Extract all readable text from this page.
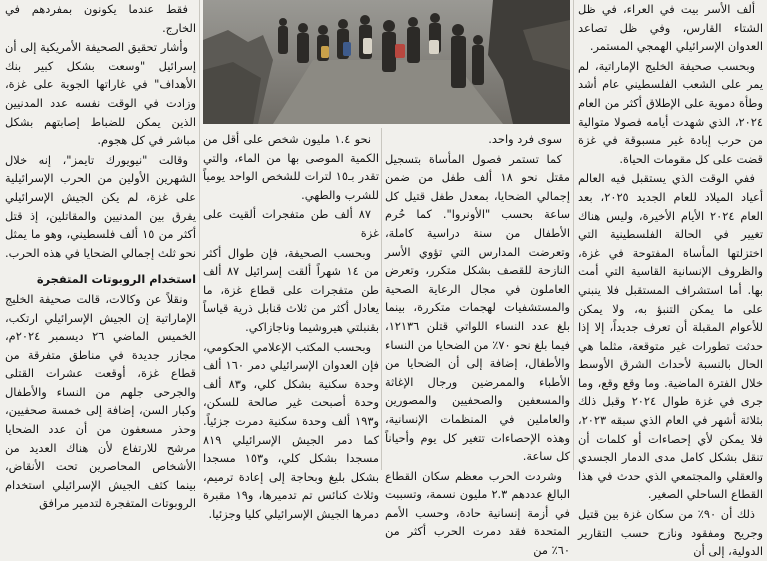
ألف الأسر بيت في العراء، في ظل الشتاء القارس، وفي ظل تصاعد العدوان الإسرائيلي الهمجي المستمر.

وبحسب صحيفة الخليج الإماراتية، لم يمر على الشعب الفلسطيني عام أشد وطأة دموية على الإطلاق أكثر من العام ٢٠٢٤، الذي شهدت أيامه فصولا متوالية من حرب إبادة غير مسبوقة في غزة قضت على كل مقومات الحياة.

ففي الوقت الذي يستقبل فيه العالم أعياد الميلاد للعام الجديد ٢٠٢٥، بعد العام ٢٠٢٤ الأيام الأخيرة، وليس هناك تغيير في الحالة الفلسطينية التي اختزلتها المأساة المفتوحة في غزة، والظروف الإنسانية القاسية التي أمت بها. أما استشراف المستقبل فلا ينبني على ما يمكن التنبؤ به، ولا يمكن للأعوام المقبلة أن تعرف جديداً، إلا إذا حدثت تطورات غير متوقعة، مثلما هي الحال بالنسبة لأحداث الشرق الأوسط خلال الفترة الماضية. وما وقع وقع، وما جرى في غزة طوال ٢٠٢٤ وقبل ذلك بثلاثة أشهر في العام الذي سبقه ٢٠٢٣، فلا يمكن لأي إحصاءات أو كلمات أن تنقل بشكل كامل مدى الدمار الجسدي والعقلي والمجتمعي الذي حدث في هذا القطاع الساحلي الصغير.

ذلك أن ٩٠٪ من سكان غزة بين قتيل وجريح ومفقود ونازح حسب التقارير الدولية، إلى أن

سوى فرد واحد.

كما تستمر فصول المأساة بتسجيل مقتل نحو ١٨ ألف طفل من ضمن إجمالي الضحايا، بمعدل طفل قتيل كل ساعة بحسب "الأونروا". كما حُرم الأطفال من سنة دراسية كاملة، وتعرضت المدارس التي تؤوي الأسر النازحة للقصف بشكل متكرر، وتعرض العاملون في مجال الرعاية الصحية والمستشفيات لهجمات متكررة، بينما بلغ عدد النساء اللواتي قتلن ١٢١٣٦، فيما بلغ نحو ٧٠٪ من الضحايا من النساء والأطفال، إضافة إلى أن الضحايا من الأطباء والممرضين ورجال الإغاثة والمسعفين والصحفيين والمصورين والعاملين في المنظمات الإنسانية، وهذه الإحصاءات تتغير كل يوم وأحياناً كل ساعة.

وشردت الحرب معظم سكان القطاع البالغ عددهم ٢.٣ مليون نسمة، وتسببت في أزمة إنسانية حادة، وحسب الأمم المتحدة فقد دمرت الحرب أكثر من ٦٠٪ من

نحو ١.٤ مليون شخص على أقل من الكمية الموصى بها من الماء، والتي تقدر بـ١٥ لترات للشخص الواحد يومياً للشرب والطهي.

٨٧ ألف طن متفجرات ألقيت على غزة

وبحسب الصحيفة، فإن طوال أكثر من ١٤ شهراً ألقت إسرائيل ٨٧ ألف طن متفجرات على قطاع غزة، ما يعادل أكثر من ثلاث قنابل ذرية قياساً بقنبلتي هيروشيما وناجازاكي.

وبحسب المكتب الإعلامي الحكومي، فإن العدوان الإسرائيلي دمر ١٦٠ ألف وحدة سكنية بشكل كلي، و٨٣ ألف وحدة أصبحت غير صالحة للسكن، و١٩٣ ألف وحدة سكنية دمرت جزئياً. كما دمر الجيش الإسرائيلي ٨١٩ مسجدا بشكل كلي، و١٥٣ مسجدا بشكل بليغ وبحاجة إلى إعادة ترميم، وثلاث كنائس تم تدميرها، و١٩ مقبرة دمرها الجيش الإسرائيلي كليا وجزئيا.

فقط عندما يكونون بمفردهم في الخارج.

وأشار تحقيق الصحيفة الأمريكية إلى أن إسرائيل "وسعت بشكل كبير بنك الأهداف" في غاراتها الجوية على غزة، وزادت في الوقت نفسه عدد المدنيين الذين يمكن للضباط إصابتهم بشكل مباشر في كل هجوم.

وقالت "نيويورك تايمز"، إنه خلال الشهرين الأولين من الحرب الإسرائيلية على غزة، لم يكن الجيش الإسرائيلي يفرق بين المدنيين والمقاتلين، إذ قتل أكثر من ١٥ ألف فلسطيني، وهو ما يمثل نحو ثلث إجمالي الضحايا في هذه الحرب.

استخدام الروبوتات المتفجرة

ونقلاً عن وكالات، قالت صحيفة الخليج الإماراتية إن الجيش الإسرائيلي ارتكب، الخميس الماضي ٢٦ ديسمبر ٢٠٢٤م، مجازر جديدة في مناطق متفرقة من قطاع غزة، أوقعت عشرات القتلى والجرحى جلهم من النساء والأطفال وكبار السن، إضافة إلى خمسة صحفيين، وحذر مسعفون من أن عدد الضحايا مرشح للارتفاع لأن هناك العديد من الأشخاص المحاصرين تحت الأنقاض، بينما كثف الجيش الإسرائيلي استخدام الروبوتات المتفجرة لتدمير مرافق
